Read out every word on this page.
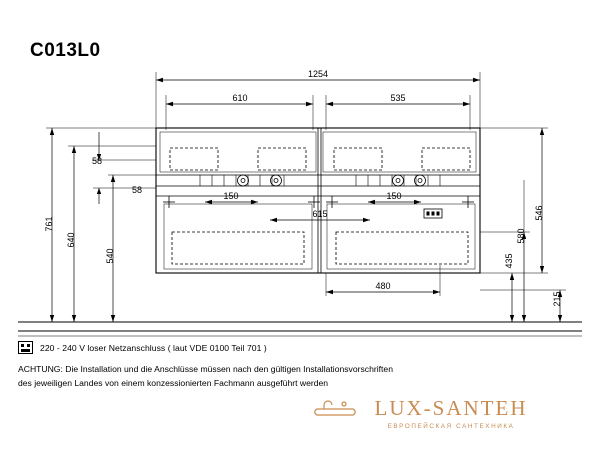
C013L0
1254
610	535
58
58
761
640
540
150	150
615
480
546
580
435
215
220 - 240 V loser Netzanschluss ( laut VDE 0100 Teil 701 )
ACHTUNG: Die Installation und die Anschlüsse müssen nach den gültigen Installationsvorschriften
des jeweiligen Landes von einem konzessionierten Fachmann ausgeführt werden
LUX-SANTEH
ЕВРОПЕЙСКАЯ САНТЕХНИКА
